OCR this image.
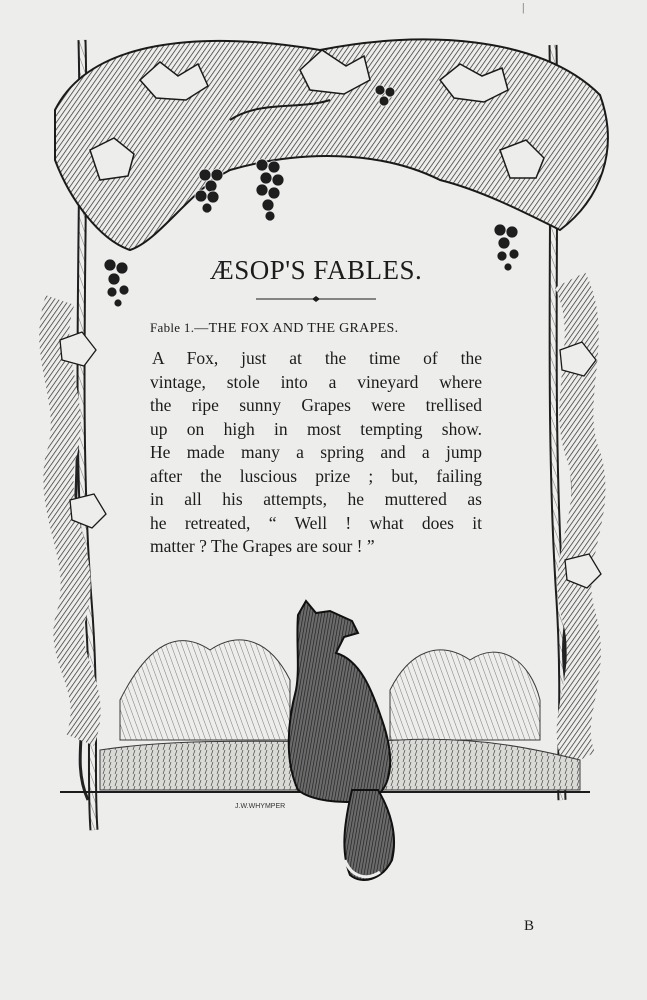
|
J.W.WHYMPER
ÆSOP'S FABLES.

Fable 1.—THE FOX AND THE GRAPES.

A Fox, just at the time of the

vintage, stole into a vineyard where

the ripe sunny Grapes were trellised

up on high in most tempting show.

He made many a spring and a jump

after the luscious prize ; but, failing

in all his attempts, he muttered as

he retreated, “ Well ! what does it

matter ? The Grapes are sour ! ”

B
